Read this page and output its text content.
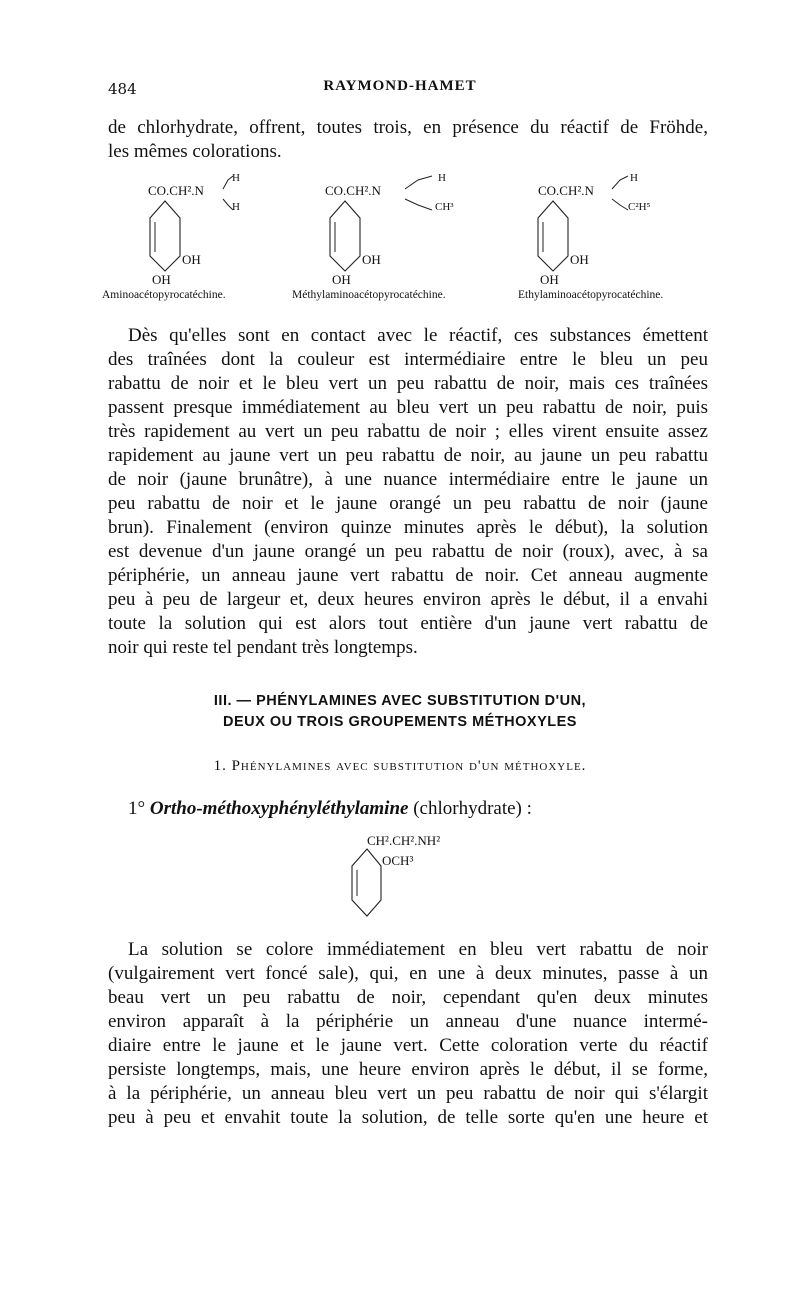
484	RAYMOND-HAMET
de chlorhydrate, offrent, toutes trois, en présence du réactif de Fröhde,
les mêmes colorations.
CO.CH².N
H
H
OH
OH
Aminoacétopyrocatéchine.
CO.CH².N
H
CH³
OH
OH
Méthylaminoacétopyrocatéchine.
CO.CH².N
H
C²H⁵
OH
OH
Ethylaminoacétopyrocatéchine.
Dès qu'elles sont en contact avec le réactif, ces substances émettent
des traînées dont la couleur est intermédiaire entre le bleu un peu
rabattu de noir et le bleu vert un peu rabattu de noir, mais ces traînées
passent presque immédiatement au bleu vert un peu rabattu de noir, puis
très rapidement au vert un peu rabattu de noir ; elles virent ensuite assez
rapidement au jaune vert un peu rabattu de noir, au jaune un peu rabattu
de noir (jaune brunâtre), à une nuance intermédiaire entre le jaune un
peu rabattu de noir et le jaune orangé un peu rabattu de noir (jaune
brun). Finalement (environ quinze minutes après le début), la solution
est devenue d'un jaune orangé un peu rabattu de noir (roux), avec, à sa
périphérie, un anneau jaune vert rabattu de noir. Cet anneau augmente
peu à peu de largeur et, deux heures environ après le début, il a envahi
toute la solution qui est alors tout entière d'un jaune vert rabattu de
noir qui reste tel pendant très longtemps.
III. — PHÉNYLAMINES AVEC SUBSTITUTION D'UN,
DEUX OU TROIS GROUPEMENTS MÉTHOXYLES
1. Phénylamines avec substitution d'un méthoxyle.
1° Ortho-méthoxyphényléthylamine (chlorhydrate) :
CH².CH².NH²
OCH³
La solution se colore immédiatement en bleu vert rabattu de noir
(vulgairement vert foncé sale), qui, en une à deux minutes, passe à un
beau vert un peu rabattu de noir, cependant qu'en deux minutes
environ apparaît à la périphérie un anneau d'une nuance intermé-
diaire entre le jaune et le jaune vert. Cette coloration verte du réactif
persiste longtemps, mais, une heure environ après le début, il se forme,
à la périphérie, un anneau bleu vert un peu rabattu de noir qui s'élargit
peu à peu et envahit toute la solution, de telle sorte qu'en une heure et
